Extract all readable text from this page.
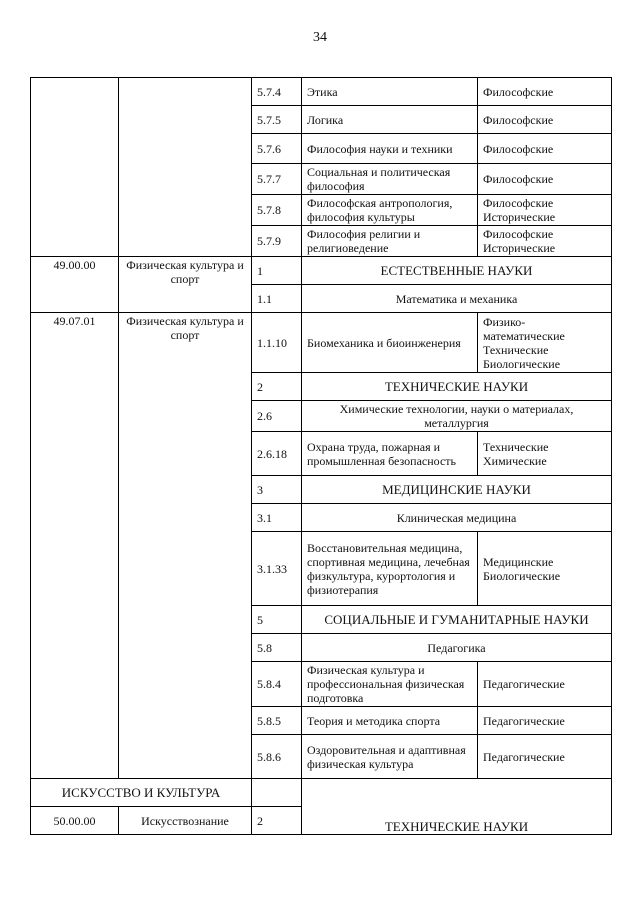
34
		5.7.4	Этика	Философские
		5.7.5	Логика	Философские
		5.7.6	Философия науки и техники	Философские
		5.7.7	Социальная и политическая философия	Философские
		5.7.8	Философская антропология, философия культуры	Философские Исторические
		5.7.9	Философия религии и религиоведение	Философские Исторические
49.00.00	Физическая культура и спорт	1	ЕСТЕСТВЕННЫЕ НАУКИ	
		1.1	Математика и механика	
49.07.01	Физическая культура и спорт	1.1.10	Биомеханика и биоинженерия	Физико-математические Технические Биологические
		2	ТЕХНИЧЕСКИЕ НАУКИ	
		2.6	Химические технологии, науки о материалах, металлургия	
		2.6.18	Охрана труда, пожарная и промышленная безопасность	Технические Химические
		3	МЕДИЦИНСКИЕ НАУКИ	
		3.1	Клиническая медицина	
		3.1.33	Восстановительная медицина, спортивная медицина, лечебная физкультура, курортология и физиотерапия	Медицинские Биологические
		5	СОЦИАЛЬНЫЕ И ГУМАНИТАРНЫЕ НАУКИ	
		5.8	Педагогика	
		5.8.4	Физическая культура и профессиональная физическая подготовка	Педагогические
		5.8.5	Теория и методика спорта	Педагогические
		5.8.6	Оздоровительная и адаптивная физическая культура	Педагогические
ИСКУССТВО И КУЛЬТУРА			ТЕХНИЧЕСКИЕ НАУКИ	
50.00.00	Искусствознание	2		
